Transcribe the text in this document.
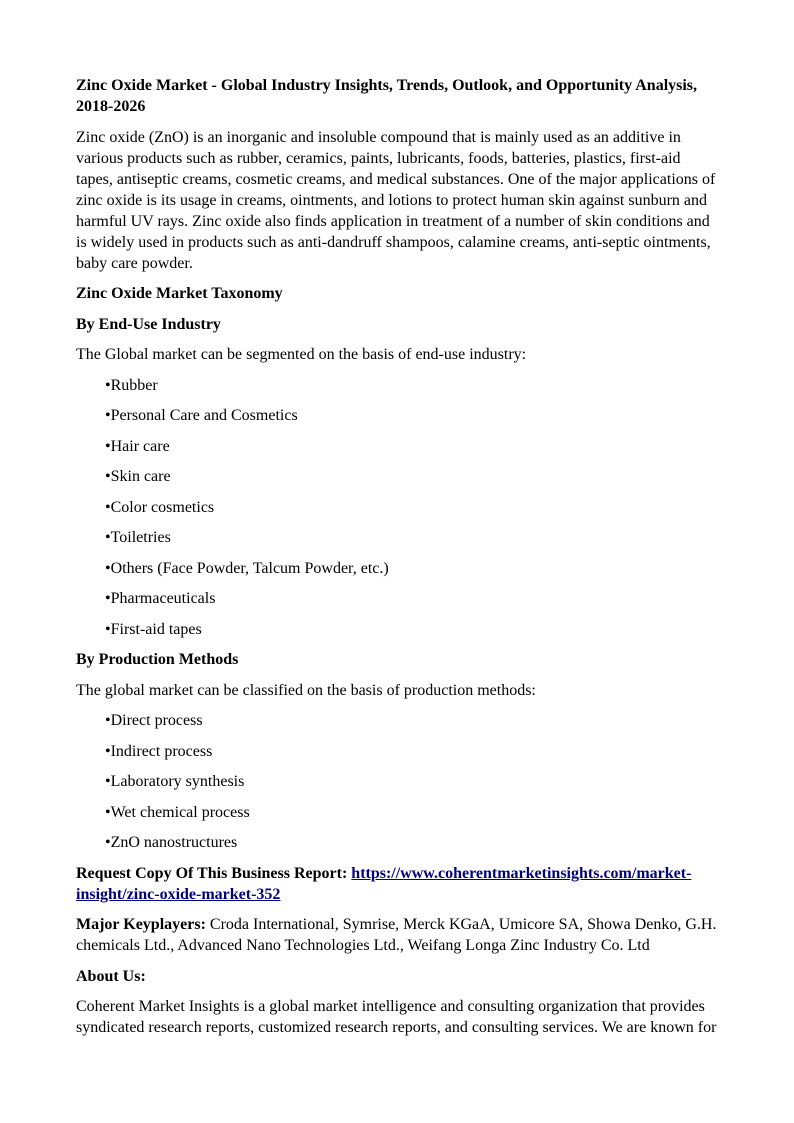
Zinc Oxide Market - Global Industry Insights, Trends, Outlook, and Opportunity Analysis, 2018-2026

Zinc oxide (ZnO) is an inorganic and insoluble compound that is mainly used as an additive in various products such as rubber, ceramics, paints, lubricants, foods, batteries, plastics, first-aid tapes, antiseptic creams, cosmetic creams, and medical substances. One of the major applications of zinc oxide is its usage in creams, ointments, and lotions to protect human skin against sunburn and harmful UV rays. Zinc oxide also finds application in treatment of a number of skin conditions and is widely used in products such as anti-dandruff shampoos, calamine creams, anti-septic ointments, baby care powder.

Zinc Oxide Market Taxonomy

By End-Use Industry

The Global market can be segmented on the basis of end-use industry:

•Rubber

•Personal Care and Cosmetics

•Hair care

•Skin care

•Color cosmetics

•Toiletries

•Others (Face Powder, Talcum Powder, etc.)

•Pharmaceuticals

•First-aid tapes

By Production Methods

The global market can be classified on the basis of production methods:

•Direct process

•Indirect process

•Laboratory synthesis

•Wet chemical process

•ZnO nanostructures

Request Copy Of This Business Report: https://www.coherentmarketinsights.com/market-insight/zinc-oxide-market-352

Major Keyplayers: Croda International, Symrise, Merck KGaA, Umicore SA, Showa Denko, G.H. chemicals Ltd., Advanced Nano Technologies Ltd., Weifang Longa Zinc Industry Co. Ltd

About Us:

Coherent Market Insights is a global market intelligence and consulting organization that provides syndicated research reports, customized research reports, and consulting services. We are known for
